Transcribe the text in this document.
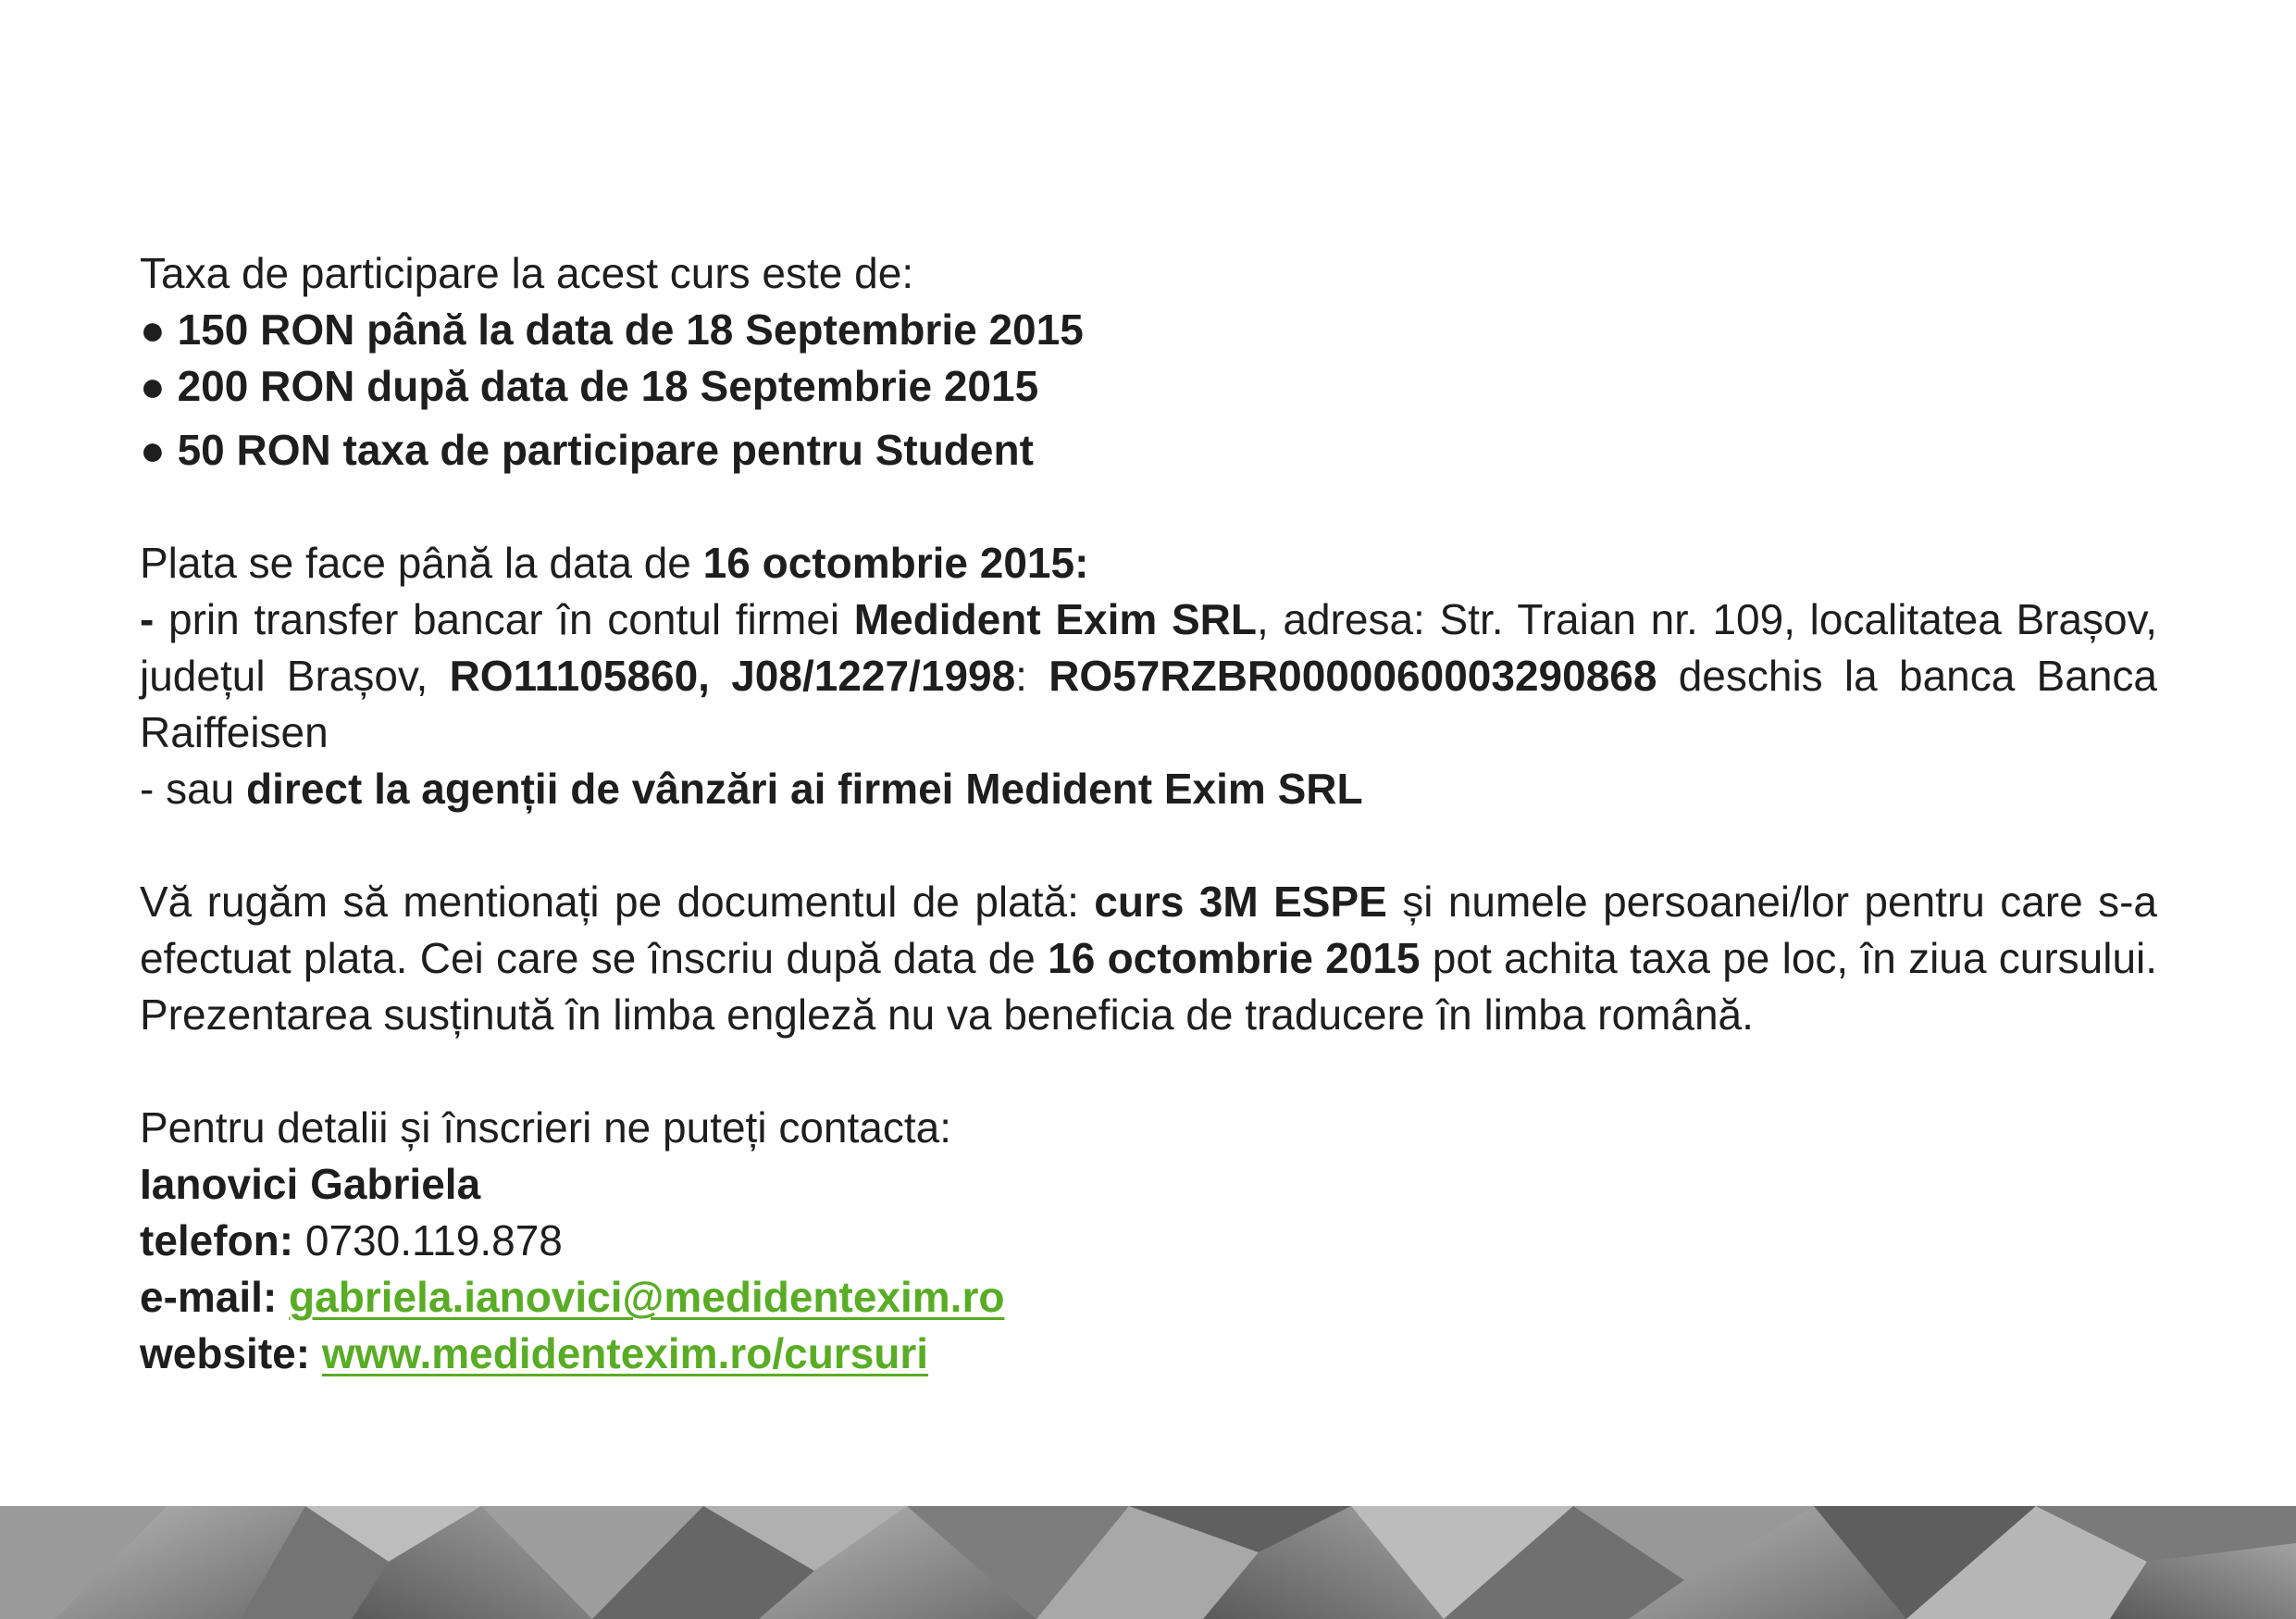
Taxa de participare la acest curs este de:

● 150 RON până la data de 18 Septembrie 2015

● 200 RON după data de 18 Septembrie 2015

● 50 RON taxa de participare pentru Student

Plata se face până la data de 16 octombrie 2015:

- prin transfer bancar în contul firmei Medident Exim SRL, adresa: Str. Traian nr. 109, localitatea Brașov, județul Brașov, RO11105860, J08/1227/1998: RO57RZBR0000060003290868 deschis la banca Banca Raiffeisen

- sau direct la agenții de vânzări ai firmei Medident Exim SRL

Vă rugăm să mentionați pe documentul de plată: curs 3M ESPE și numele persoanei/lor pentru care s-a efectuat plata. Cei care se înscriu după data de 16 octombrie 2015 pot achita taxa pe loc, în ziua cursului. Prezentarea susținută în limba engleză nu va beneficia de traducere în limba română.

Pentru detalii și înscrieri ne puteți contacta:

Ianovici Gabriela

telefon: 0730.119.878

e-mail: gabriela.ianovici@medidentexim.ro

website: www.medidentexim.ro/cursuri
